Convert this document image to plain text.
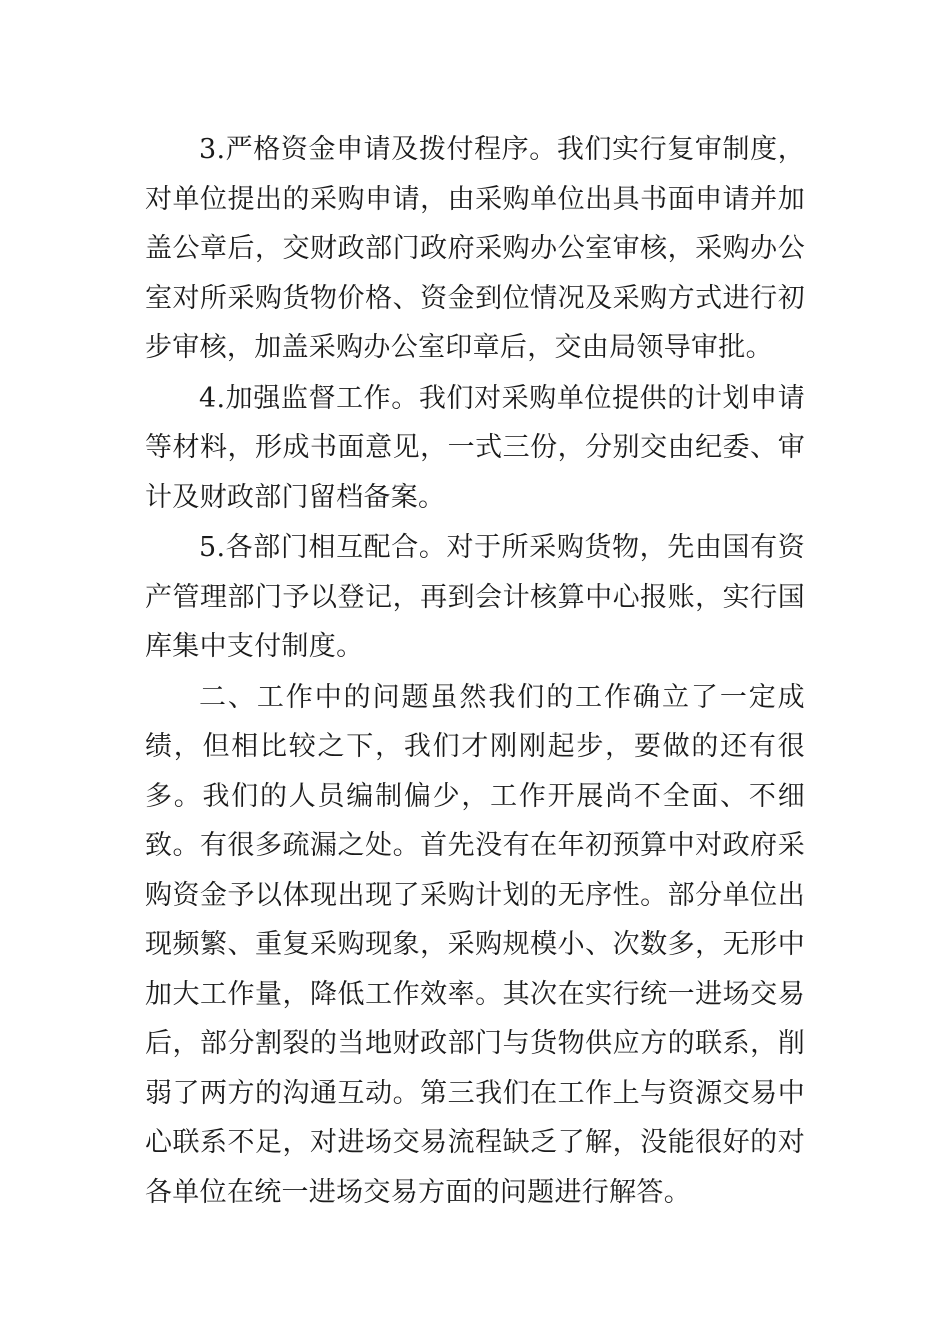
3.严格资金申请及拨付程序。我们实行复审制度，对单位提出的采购申请，由采购单位出具书面申请并加盖公章后，交财政部门政府采购办公室审核，采购办公室对所采购货物价格、资金到位情况及采购方式进行初步审核，加盖采购办公室印章后，交由局领导审批。

4.加强监督工作。我们对采购单位提供的计划申请等材料，形成书面意见，一式三份，分别交由纪委、审计及财政部门留档备案。

5.各部门相互配合。对于所采购货物，先由国有资产管理部门予以登记，再到会计核算中心报账，实行国库集中支付制度。

二、工作中的问题虽然我们的工作确立了一定成绩，但相比较之下，我们才刚刚起步，要做的还有很多。我们的人员编制偏少，工作开展尚不全面、不细致。有很多疏漏之处。首先没有在年初预算中对政府采购资金予以体现出现了采购计划的无序性。部分单位出现频繁、重复采购现象，采购规模小、次数多，无形中加大工作量，降低工作效率。其次在实行统一进场交易后，部分割裂的当地财政部门与货物供应方的联系，削弱了两方的沟通互动。第三我们在工作上与资源交易中心联系不足，对进场交易流程缺乏了解，没能很好的对各单位在统一进场交易方面的问题进行解答。
